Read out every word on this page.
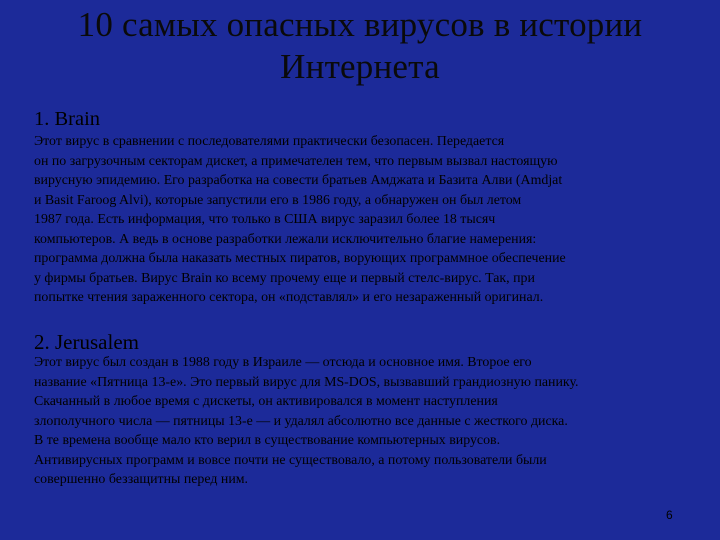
10 самых опасных вирусов в истории
Интернета
1. Brain
Этот вирус в сравнении с последователями практически безопасен. Передается
он по загрузочным секторам дискет, а примечателен тем, что первым вызвал настоящую
вирусную эпидемию. Его разработка на совести братьев Амджата и Базита Алви (Amdjat
и Basit Faroog Alvi), которые запустили его в 1986 году, а обнаружен он был летом
1987 года. Есть информация, что только в США вирус заразил более 18 тысяч
компьютеров. А ведь в основе разработки лежали исключительно благие намерения:
программа должна была наказать местных пиратов, ворующих программное обеспечение
у фирмы братьев. Вирус Brain ко всему прочему еще и первый стелс-вирус. Так, при
попытке чтения зараженного сектора, он «подставлял» и его незараженный оригинал.
2. Jerusalem
Этот вирус был создан в 1988 году в Израиле — отсюда и основное имя. Второе его
название «Пятница 13-е». Это первый вирус для MS-DOS, вызвавший грандиозную панику.
Скачанный в любое время с дискеты, он активировался в момент наступления
злополучного числа — пятницы 13-е — и удалял абсолютно все данные с жесткого диска.
В те времена вообще мало кто верил в существование компьютерных вирусов.
Антивирусных программ и вовсе почти не существовало, а потому пользователи были
совершенно беззащитны перед ним.
6
